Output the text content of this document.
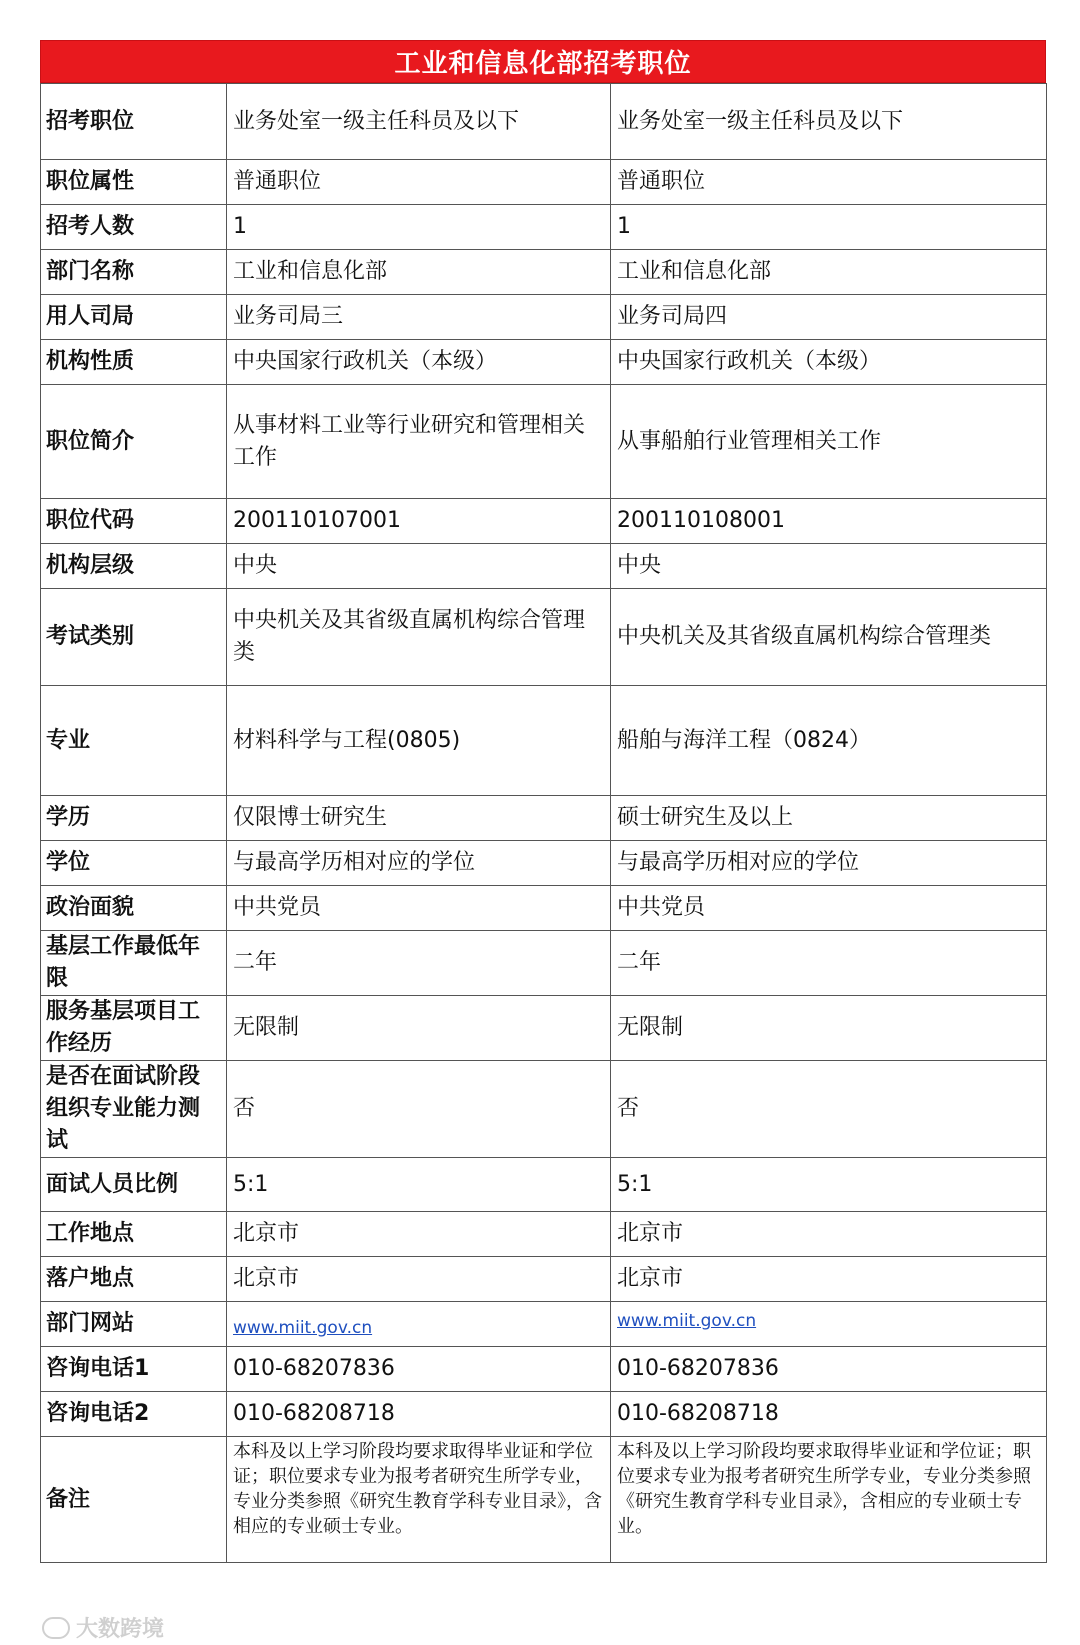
工业和信息化部招考职位
招考职位	业务处室一级主任科员及以下	业务处室一级主任科员及以下
职位属性	普通职位	普通职位
招考人数	1	1
部门名称	工业和信息化部	工业和信息化部
用人司局	业务司局三	业务司局四
机构性质	中央国家行政机关（本级）	中央国家行政机关（本级）
职位简介	从事材料工业等行业研究和管理相关工作	从事船舶行业管理相关工作
职位代码	200110107001	200110108001
机构层级	中央	中央
考试类别	中央机关及其省级直属机构综合管理类	中央机关及其省级直属机构综合管理类
专业	材料科学与工程(0805)	船舶与海洋工程（0824）
学历	仅限博士研究生	硕士研究生及以上
学位	与最高学历相对应的学位	与最高学历相对应的学位
政治面貌	中共党员	中共党员
基层工作最低年限	二年	二年
服务基层项目工作经历	无限制	无限制
是否在面试阶段组织专业能力测试	否	否
面试人员比例	5:1	5:1
工作地点	北京市	北京市
落户地点	北京市	北京市
部门网站	www.miit.gov.cn	www.miit.gov.cn
咨询电话1	010-68207836	010-68207836
咨询电话2	010-68208718	010-68208718
备注	本科及以上学习阶段均要求取得毕业证和学位证；职位要求专业为报考者研究生所学专业，专业分类参照《研究生教育学科专业目录》，含相应的专业硕士专业。	本科及以上学习阶段均要求取得毕业证和学位证；职位要求专业为报考者研究生所学专业，专业分类参照《研究生教育学科专业目录》，含相应的专业硕士专业。
大数跨境
